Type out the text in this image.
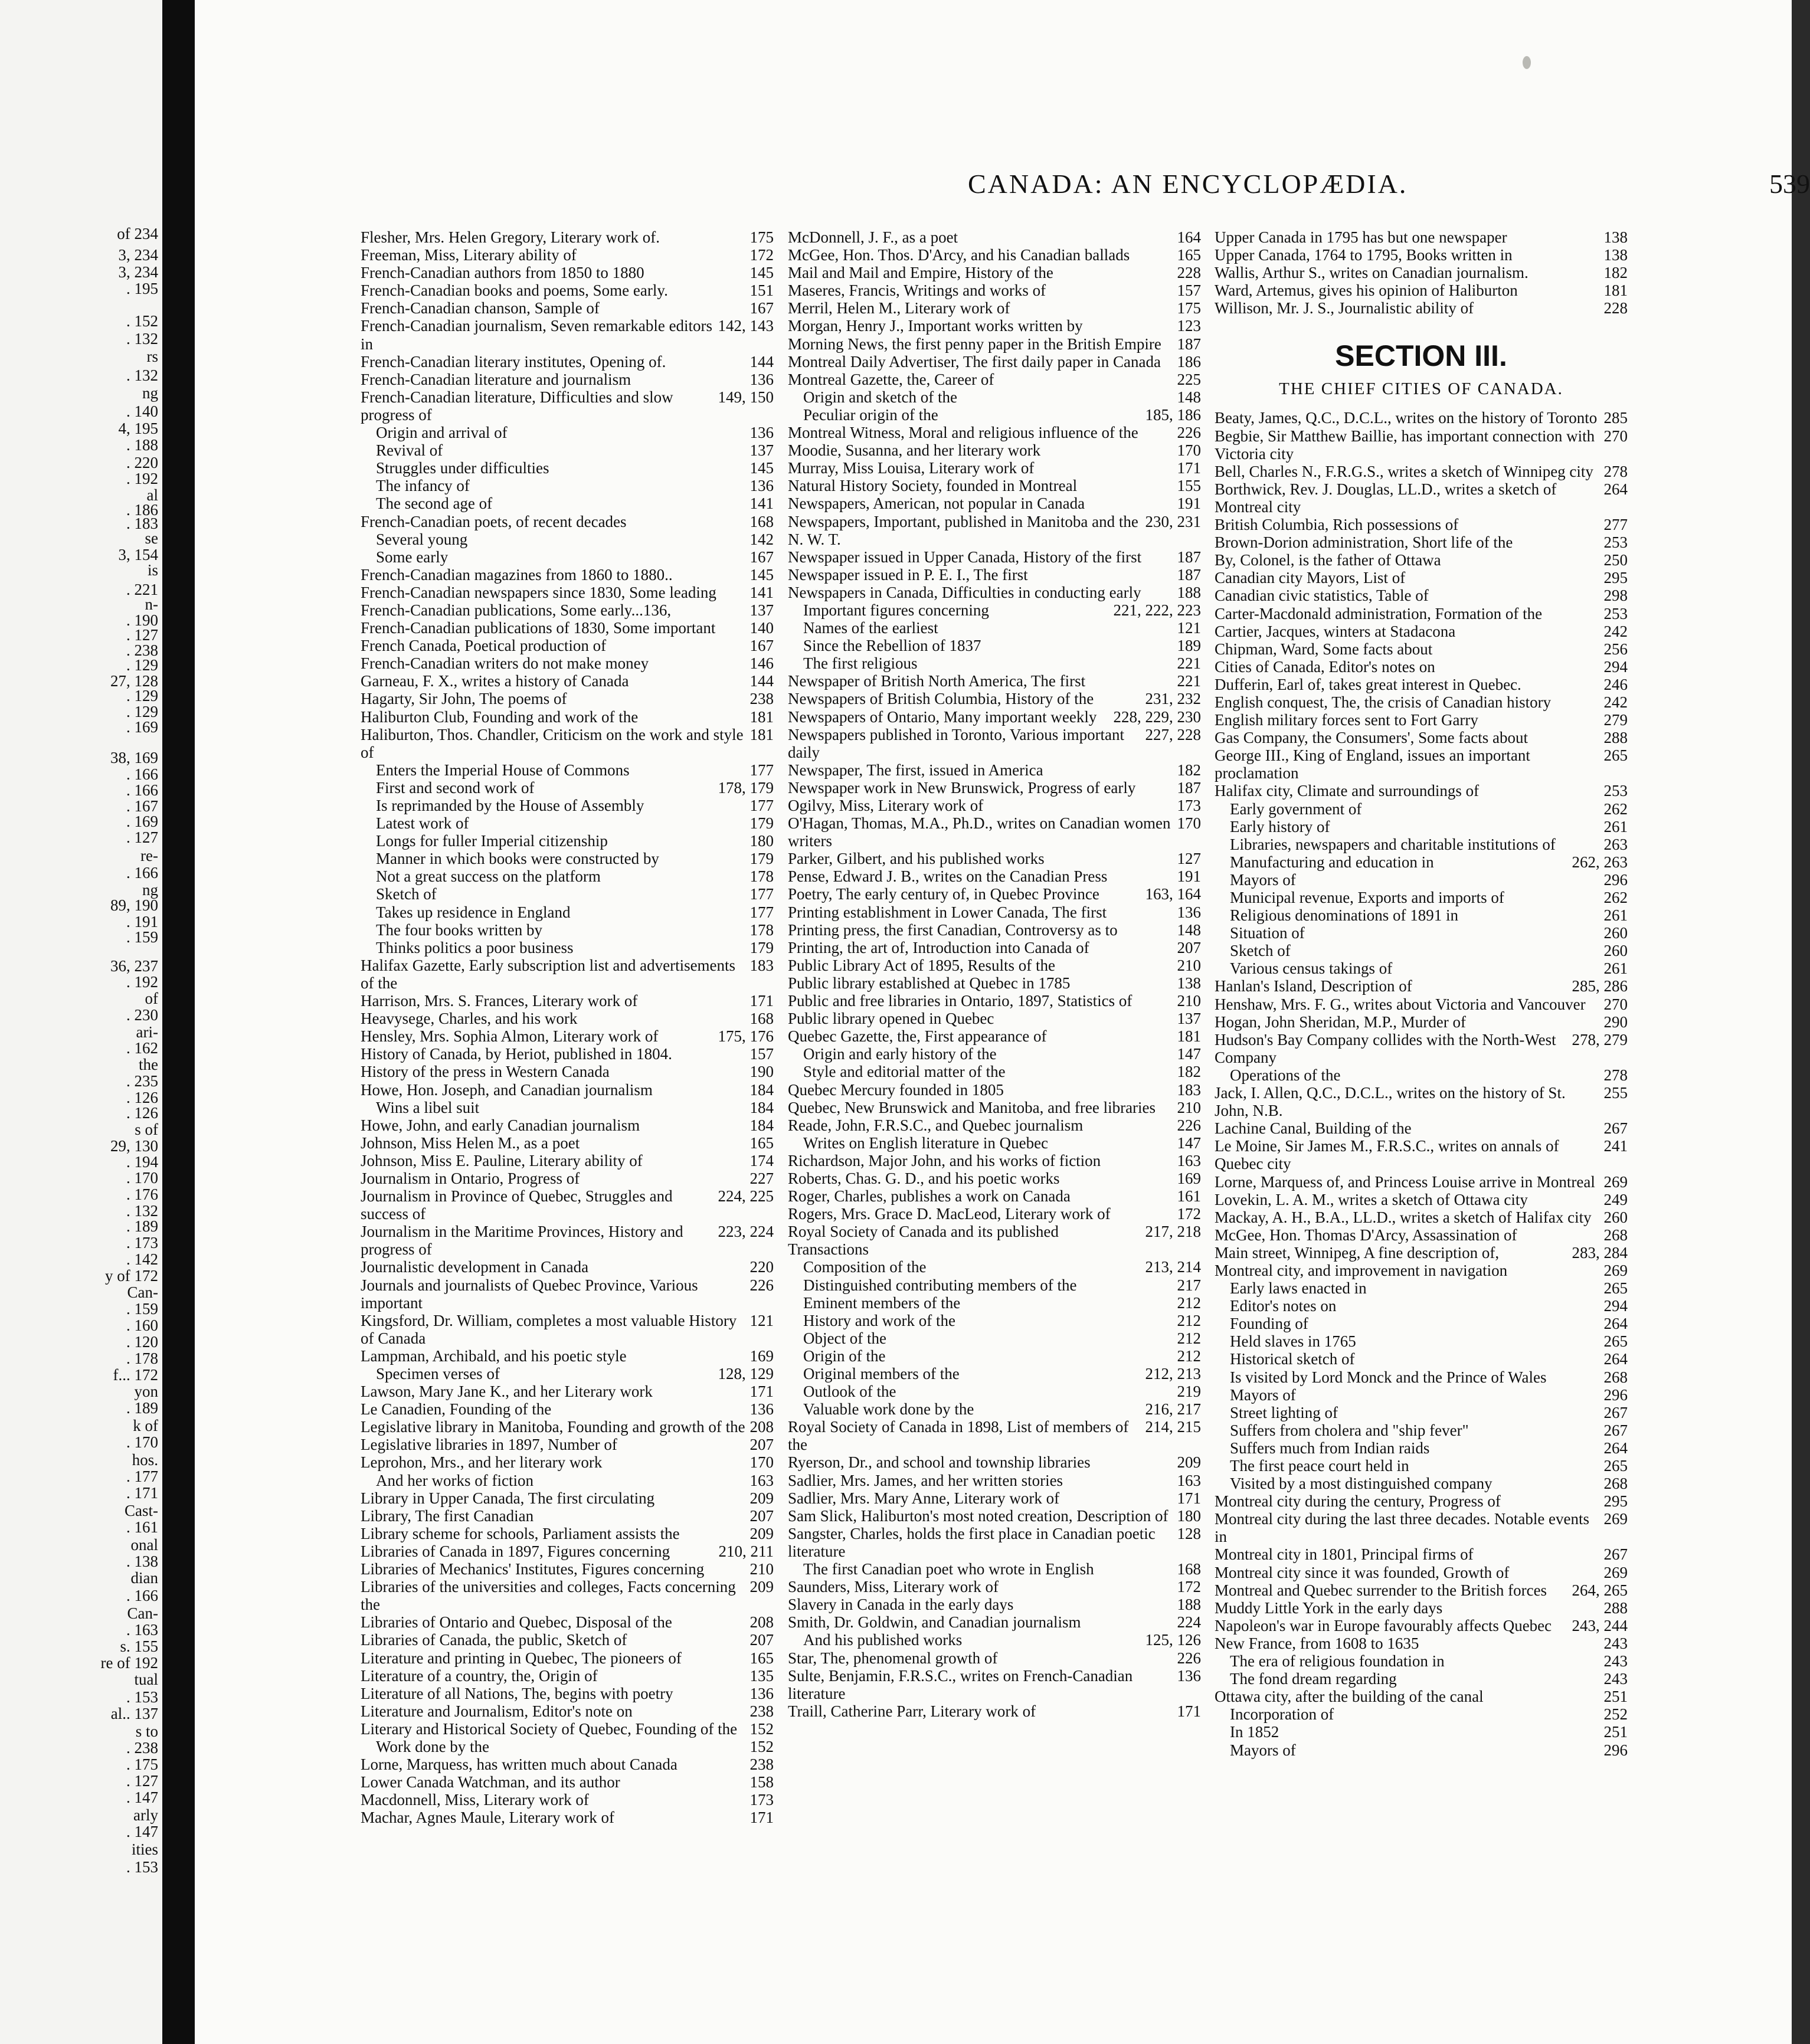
of 234
3, 234
3, 234
. 195
. 152
. 132
rs
. 132
ng
. 140
4, 195
. 188
. 220
. 192
al
. 186
. 183
se
3, 154
is
. 221
n-
. 190
. 127
. 238
. 129
27, 128
. 129
. 129
. 169
38, 169
. 166
. 166
. 167
. 169
. 127
re-
. 166
ng
89, 190
. 191
. 159
36, 237
. 192
of
. 230
ari-
. 162
the
. 235
. 126
. 126
s of
29, 130
. 194
. 170
. 176
. 132
. 189
. 173
. 142
y of 172
Can-
. 159
. 160
. 120
. 178
f... 172
yon
. 189
k of
. 170
hos.
. 177
. 171
Cast-
. 161
onal
. 138
dian
. 166
Can-
. 163
s. 155
re of 192
tual
. 153
al.. 137
s to
. 238
. 175
. 127
. 147
arly
. 147
ities
. 153
CANADA: AN ENCYCLOPÆDIA.	539
175
Flesher, Mrs. Helen Gregory, Literary work of.
172
Freeman, Miss, Literary ability of
145
French-Canadian authors from 1850 to 1880
151
French-Canadian books and poems, Some early.
167
French-Canadian chanson, Sample of
142, 143
French-Canadian journalism, Seven remarkable editors in
144
French-Canadian literary institutes, Opening of.
136
French-Canadian literature and journalism
149, 150
French-Canadian literature, Difficulties and slow progress of
136
Origin and arrival of
137
Revival of
145
Struggles under difficulties
136
The infancy of
141
The second age of
168
French-Canadian poets, of recent decades
142
Several young
167
Some early
145
French-Canadian magazines from 1860 to 1880..
141
French-Canadian newspapers since 1830, Some leading
137
French-Canadian publications, Some early...136,
140
French-Canadian publications of 1830, Some important
167
French Canada, Poetical production of
146
French-Canadian writers do not make money
144
Garneau, F. X., writes a history of Canada
238
Hagarty, Sir John, The poems of
181
Haliburton Club, Founding and work of the
181
Haliburton, Thos. Chandler, Criticism on the work and style of
177
Enters the Imperial House of Commons
178, 179
First and second work of
177
Is reprimanded by the House of Assembly
179
Latest work of
180
Longs for fuller Imperial citizenship
179
Manner in which books were constructed by
178
Not a great success on the platform
177
Sketch of
177
Takes up residence in England
178
The four books written by
179
Thinks politics a poor business
183
Halifax Gazette, Early subscription list and advertisements of the
171
Harrison, Mrs. S. Frances, Literary work of
168
Heavysege, Charles, and his work
175, 176
Hensley, Mrs. Sophia Almon, Literary work of
157
History of Canada, by Heriot, published in 1804.
190
History of the press in Western Canada
184
Howe, Hon. Joseph, and Canadian journalism
184
Wins a libel suit
184
Howe, John, and early Canadian journalism
165
Johnson, Miss Helen M., as a poet
174
Johnson, Miss E. Pauline, Literary ability of
227
Journalism in Ontario, Progress of
224, 225
Journalism in Province of Quebec, Struggles and success of
223, 224
Journalism in the Maritime Provinces, History and progress of
220
Journalistic development in Canada
226
Journals and journalists of Quebec Province, Various important
121
Kingsford, Dr. William, completes a most valuable History of Canada
169
Lampman, Archibald, and his poetic style
128, 129
Specimen verses of
171
Lawson, Mary Jane K., and her Literary work
136
Le Canadien, Founding of the
208
Legislative library in Manitoba, Founding and growth of the
207
Legislative libraries in 1897, Number of
170
Leprohon, Mrs., and her literary work
163
And her works of fiction
209
Library in Upper Canada, The first circulating
207
Library, The first Canadian
209
Library scheme for schools, Parliament assists the
210, 211
Libraries of Canada in 1897, Figures concerning
210
Libraries of Mechanics' Institutes, Figures concerning
209
Libraries of the universities and colleges, Facts concerning the
208
Libraries of Ontario and Quebec, Disposal of the
207
Libraries of Canada, the public, Sketch of
165
Literature and printing in Quebec, The pioneers of
135
Literature of a country, the, Origin of
136
Literature of all Nations, The, begins with poetry
238
Literature and Journalism, Editor's note on
152
Literary and Historical Society of Quebec, Founding of the
152
Work done by the
238
Lorne, Marquess, has written much about Canada
158
Lower Canada Watchman, and its author
173
Macdonnell, Miss, Literary work of
171
Machar, Agnes Maule, Literary work of
164
McDonnell, J. F., as a poet
165
McGee, Hon. Thos. D'Arcy, and his Canadian ballads
228
Mail and Mail and Empire, History of the
157
Maseres, Francis, Writings and works of
175
Merril, Helen M., Literary work of
123
Morgan, Henry J., Important works written by
187
Morning News, the first penny paper in the British Empire
186
Montreal Daily Advertiser, The first daily paper in Canada
225
Montreal Gazette, the, Career of
148
Origin and sketch of the
185, 186
Peculiar origin of the
226
Montreal Witness, Moral and religious influence of the
170
Moodie, Susanna, and her literary work
171
Murray, Miss Louisa, Literary work of
155
Natural History Society, founded in Montreal
191
Newspapers, American, not popular in Canada
230, 231
Newspapers, Important, published in Manitoba and the N. W. T.
187
Newspaper issued in Upper Canada, History of the first
187
Newspaper issued in P. E. I., The first
188
Newspapers in Canada, Difficulties in conducting early
221, 222, 223
Important figures concerning
121
Names of the earliest
189
Since the Rebellion of 1837
221
The first religious
221
Newspaper of British North America, The first
231, 232
Newspapers of British Columbia, History of the
228, 229, 230
Newspapers of Ontario, Many important weekly
227, 228
Newspapers published in Toronto, Various important daily
182
Newspaper, The first, issued in America
187
Newspaper work in New Brunswick, Progress of early
173
Ogilvy, Miss, Literary work of
170
O'Hagan, Thomas, M.A., Ph.D., writes on Canadian women writers
127
Parker, Gilbert, and his published works
191
Pense, Edward J. B., writes on the Canadian Press
163, 164
Poetry, The early century of, in Quebec Province
136
Printing establishment in Lower Canada, The first
148
Printing press, the first Canadian, Controversy as to
207
Printing, the art of, Introduction into Canada of
210
Public Library Act of 1895, Results of the
138
Public library established at Quebec in 1785
210
Public and free libraries in Ontario, 1897, Statistics of
137
Public library opened in Quebec
181
Quebec Gazette, the, First appearance of
147
Origin and early history of the
182
Style and editorial matter of the
183
Quebec Mercury founded in 1805
210
Quebec, New Brunswick and Manitoba, and free libraries
226
Reade, John, F.R.S.C., and Quebec journalism
147
Writes on English literature in Quebec
163
Richardson, Major John, and his works of fiction
169
Roberts, Chas. G. D., and his poetic works
161
Roger, Charles, publishes a work on Canada
172
Rogers, Mrs. Grace D. MacLeod, Literary work of
217, 218
Royal Society of Canada and its published Transactions
213, 214
Composition of the
217
Distinguished contributing members of the
212
Eminent members of the
212
History and work of the
212
Object of the
212
Origin of the
212, 213
Original members of the
219
Outlook of the
216, 217
Valuable work done by the
214, 215
Royal Society of Canada in 1898, List of members of the
209
Ryerson, Dr., and school and township libraries
163
Sadlier, Mrs. James, and her written stories
171
Sadlier, Mrs. Mary Anne, Literary work of
180
Sam Slick, Haliburton's most noted creation, Description of
128
Sangster, Charles, holds the first place in Canadian poetic literature
168
The first Canadian poet who wrote in English
172
Saunders, Miss, Literary work of
188
Slavery in Canada in the early days
224
Smith, Dr. Goldwin, and Canadian journalism
125, 126
And his published works
226
Star, The, phenomenal growth of
136
Sulte, Benjamin, F.R.S.C., writes on French-Canadian literature
171
Traill, Catherine Parr, Literary work of
138
Upper Canada in 1795 has but one newspaper
138
Upper Canada, 1764 to 1795, Books written in
182
Wallis, Arthur S., writes on Canadian journalism.
181
Ward, Artemus, gives his opinion of Haliburton
228
Willison, Mr. J. S., Journalistic ability of
SECTION III.
THE CHIEF CITIES OF CANADA.
285
Beaty, James, Q.C., D.C.L., writes on the history of Toronto
270
Begbie, Sir Matthew Baillie, has important connection with Victoria city
278
Bell, Charles N., F.R.G.S., writes a sketch of Winnipeg city
264
Borthwick, Rev. J. Douglas, LL.D., writes a sketch of Montreal city
277
British Columbia, Rich possessions of
253
Brown-Dorion administration, Short life of the
250
By, Colonel, is the father of Ottawa
295
Canadian city Mayors, List of
298
Canadian civic statistics, Table of
253
Carter-Macdonald administration, Formation of the
242
Cartier, Jacques, winters at Stadacona
256
Chipman, Ward, Some facts about
294
Cities of Canada, Editor's notes on
246
Dufferin, Earl of, takes great interest in Quebec.
242
English conquest, The, the crisis of Canadian history
279
English military forces sent to Fort Garry
288
Gas Company, the Consumers', Some facts about
265
George III., King of England, issues an important proclamation
253
Halifax city, Climate and surroundings of
262
Early government of
261
Early history of
263
Libraries, newspapers and charitable institutions of
262, 263
Manufacturing and education in
296
Mayors of
262
Municipal revenue, Exports and imports of
261
Religious denominations of 1891 in
260
Situation of
260
Sketch of
261
Various census takings of
285, 286
Hanlan's Island, Description of
270
Henshaw, Mrs. F. G., writes about Victoria and Vancouver
290
Hogan, John Sheridan, M.P., Murder of
278, 279
Hudson's Bay Company collides with the North-West Company
278
Operations of the
255
Jack, I. Allen, Q.C., D.C.L., writes on the history of St. John, N.B.
267
Lachine Canal, Building of the
241
Le Moine, Sir James M., F.R.S.C., writes on annals of Quebec city
269
Lorne, Marquess of, and Princess Louise arrive in Montreal
249
Lovekin, L. A. M., writes a sketch of Ottawa city
260
Mackay, A. H., B.A., LL.D., writes a sketch of Halifax city
268
McGee, Hon. Thomas D'Arcy, Assassination of
283, 284
Main street, Winnipeg, A fine description of,
269
Montreal city, and improvement in navigation
265
Early laws enacted in
294
Editor's notes on
264
Founding of
265
Held slaves in 1765
264
Historical sketch of
268
Is visited by Lord Monck and the Prince of Wales
296
Mayors of
267
Street lighting of
267
Suffers from cholera and "ship fever"
264
Suffers much from Indian raids
265
The first peace court held in
268
Visited by a most distinguished company
295
Montreal city during the century, Progress of
269
Montreal city during the last three decades. Notable events in
267
Montreal city in 1801, Principal firms of
269
Montreal city since it was founded, Growth of
264, 265
Montreal and Quebec surrender to the British forces
288
Muddy Little York in the early days
243, 244
Napoleon's war in Europe favourably affects Quebec
243
New France, from 1608 to 1635
243
The era of religious foundation in
243
The fond dream regarding
251
Ottawa city, after the building of the canal
252
Incorporation of
251
In 1852
296
Mayors of
